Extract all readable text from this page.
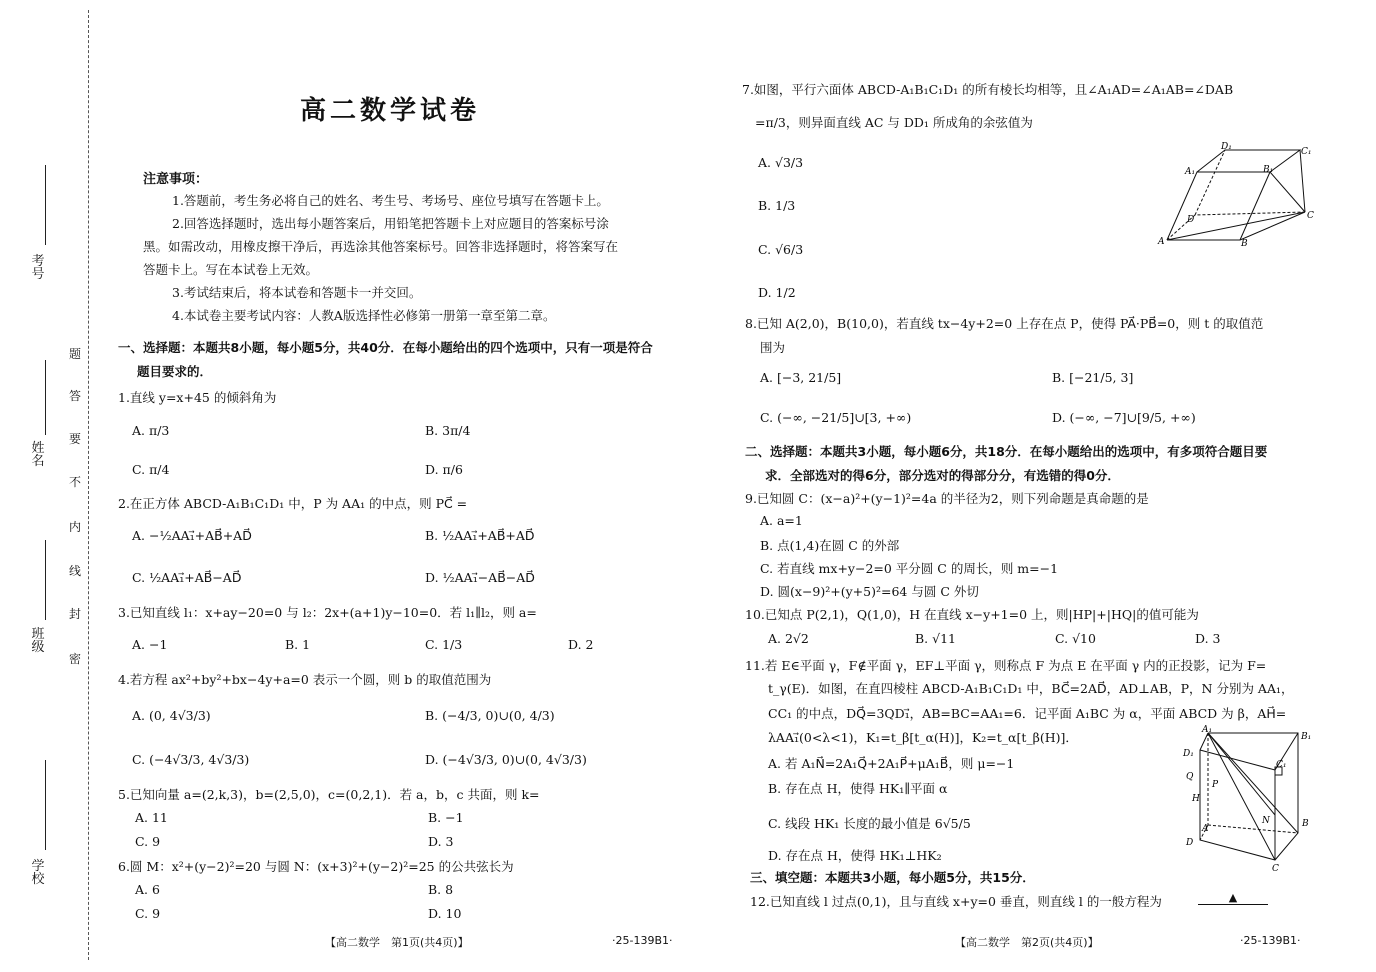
考号
姓名
班级
学校
题
答
要
不
内
线
封
密
高二数学试卷
注意事项：
1.答题前，考生务必将自己的姓名、考生号、考场号、座位号填写在答题卡上。
2.回答选择题时，选出每小题答案后，用铅笔把答题卡上对应题目的答案标号涂
黑。如需改动，用橡皮擦干净后，再选涂其他答案标号。回答非选择题时，将答案写在
答题卡上。写在本试卷上无效。
3.考试结束后，将本试卷和答题卡一并交回。
4.本试卷主要考试内容：人教A版选择性必修第一册第一章至第二章。
一、选择题：本题共8小题，每小题5分，共40分．在每小题给出的四个选项中，只有一项是符合
题目要求的．
1.直线 y=x+45 的倾斜角为
A. π/3	B. 3π/4
C. π/4	D. π/6
2.在正方体 ABCD-A₁B₁C₁D₁ 中，P 为 AA₁ 的中点，则 PC⃗ =
A. −½AA₁⃗+AB⃗+AD⃗	B. ½AA₁⃗+AB⃗+AD⃗
C. ½AA₁⃗+AB⃗−AD⃗	D. ½AA₁⃗−AB⃗−AD⃗
3.已知直线 l₁：x+ay−20=0 与 l₂：2x+(a+1)y−10=0．若 l₁∥l₂，则 a=
A. −1	B. 1	C. 1/3	D. 2
4.若方程 ax²+by²+bx−4y+a=0 表示一个圆，则 b 的取值范围为
A. (0, 4√3/3)	B. (−4/3, 0)∪(0, 4/3)
C. (−4√3/3, 4√3/3)	D. (−4√3/3, 0)∪(0, 4√3/3)
5.已知向量 a=(2,k,3)，b=(2,5,0)，c=(0,2,1)．若 a，b，c 共面，则 k=
A. 11	B. −1
C. 9	D. 3
6.圆 M：x²+(y−2)²=20 与圆 N：(x+3)²+(y−2)²=25 的公共弦长为
A. 6	B. 8
C. 9	D. 10
【高二数学　第1页(共4页)】	·25-139B1·
7.如图，平行六面体 ABCD-A₁B₁C₁D₁ 的所有棱长均相等，且∠A₁AD=∠A₁AB=∠DAB
=π/3，则异面直线 AC 与 DD₁ 所成角的余弦值为
A. √3/3
B. 1/3
C. √6/3
D. 1/2
D₁	C₁
A₁	B₁
D	C
A	B
8.已知 A(2,0)，B(10,0)，若直线 tx−4y+2=0 上存在点 P，使得 PA⃗·PB⃗=0，则 t 的取值范
围为
A. [−3, 21/5]	B. [−21/5, 3]
C. (−∞, −21/5]∪[3, +∞)	D. (−∞, −7]∪[9/5, +∞)
二、选择题：本题共3小题，每小题6分，共18分．在每小题给出的选项中，有多项符合题目要
求．全部选对的得6分，部分选对的得部分分，有选错的得0分．
9.已知圆 C：(x−a)²+(y−1)²=4a 的半径为2，则下列命题是真命题的是
A. a=1
B. 点(1,4)在圆 C 的外部
C. 若直线 mx+y−2=0 平分圆 C 的周长，则 m=−1
D. 圆(x−9)²+(y+5)²=64 与圆 C 外切
10.已知点 P(2,1)，Q(1,0)，H 在直线 x−y+1=0 上，则|HP|+|HQ|的值可能为
A. 2√2	B. √11	C. √10	D. 3
11.若 E∈平面 γ，F∉平面 γ，EF⊥平面 γ，则称点 F 为点 E 在平面 γ 内的正投影，记为 F=
t_γ(E)．如图，在直四棱柱 ABCD-A₁B₁C₁D₁ 中，BC⃗=2AD⃗，AD⊥AB，P，N 分别为 AA₁，
CC₁ 的中点，DQ⃗=3QD₁⃗，AB=BC=AA₁=6．记平面 A₁BC 为 α，平面 ABCD 为 β，AH⃗=
λAA₁⃗(0<λ<1)，K₁=t_β[t_α(H)]，K₂=t_α[t_β(H)]．
A. 若 A₁N⃗=2A₁Q⃗+2A₁P⃗+μA₁B⃗，则 μ=−1
B. 存在点 H，使得 HK₁∥平面 α
C. 线段 HK₁ 长度的最小值是 6√5/5
D. 存在点 H，使得 HK₁⊥HK₂
A₁
B₁
D₁
C₁
Q
P
H
A	B
D
C
N
三、填空题：本题共3小题，每小题5分，共15分．
12.已知直线 l 过点(0,1)，且与直线 x+y=0 垂直，则直线 l 的一般方程为	▲
【高二数学　第2页(共4页)】	·25-139B1·
